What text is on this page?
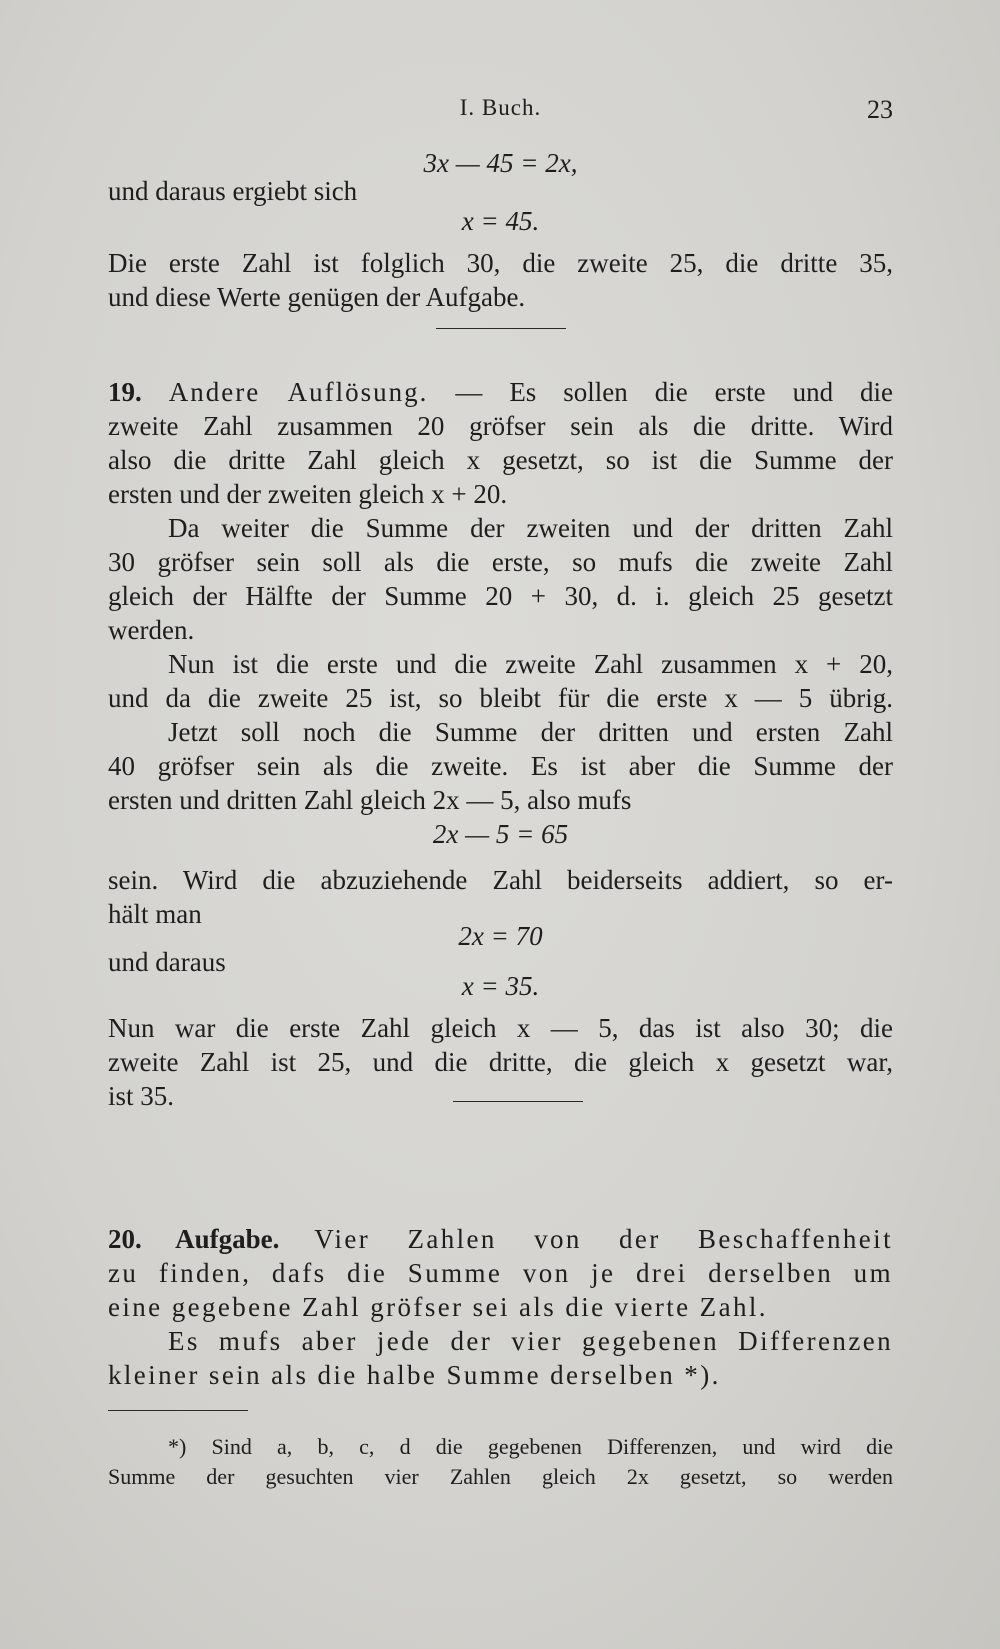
I. Buch.	23
3x — 45 = 2x,
und daraus ergiebt sich
x = 45.
Die erste Zahl ist folglich 30, die zweite 25, die dritte 35,
und diese Werte genügen der Aufgabe.
19. Andere Auflösung. — Es sollen die erste und die
zweite Zahl zusammen 20 gröfser sein als die dritte. Wird
also die dritte Zahl gleich x gesetzt, so ist die Summe der
ersten und der zweiten gleich x + 20.
Da weiter die Summe der zweiten und der dritten Zahl
30 gröfser sein soll als die erste, so mufs die zweite Zahl
gleich der Hälfte der Summe 20 + 30, d. i. gleich 25 gesetzt
werden.
Nun ist die erste und die zweite Zahl zusammen x + 20,
und da die zweite 25 ist, so bleibt für die erste x — 5 übrig.
Jetzt soll noch die Summe der dritten und ersten Zahl
40 gröfser sein als die zweite. Es ist aber die Summe der
ersten und dritten Zahl gleich 2x — 5, also mufs
2x — 5 = 65
sein. Wird die abzuziehende Zahl beiderseits addiert, so er-
hält man
2x = 70
und daraus
x = 35.
Nun war die erste Zahl gleich x — 5, das ist also 30; die
zweite Zahl ist 25, und die dritte, die gleich x gesetzt war,
ist 35.
20. Aufgabe. Vier Zahlen von der Beschaffenheit
zu finden, dafs die Summe von je drei derselben um
eine gegebene Zahl gröfser sei als die vierte Zahl.
Es mufs aber jede der vier gegebenen Differenzen
kleiner sein als die halbe Summe derselben *).
*) Sind a, b, c, d die gegebenen Differenzen, und wird die
Summe der gesuchten vier Zahlen gleich 2x gesetzt, so werden
